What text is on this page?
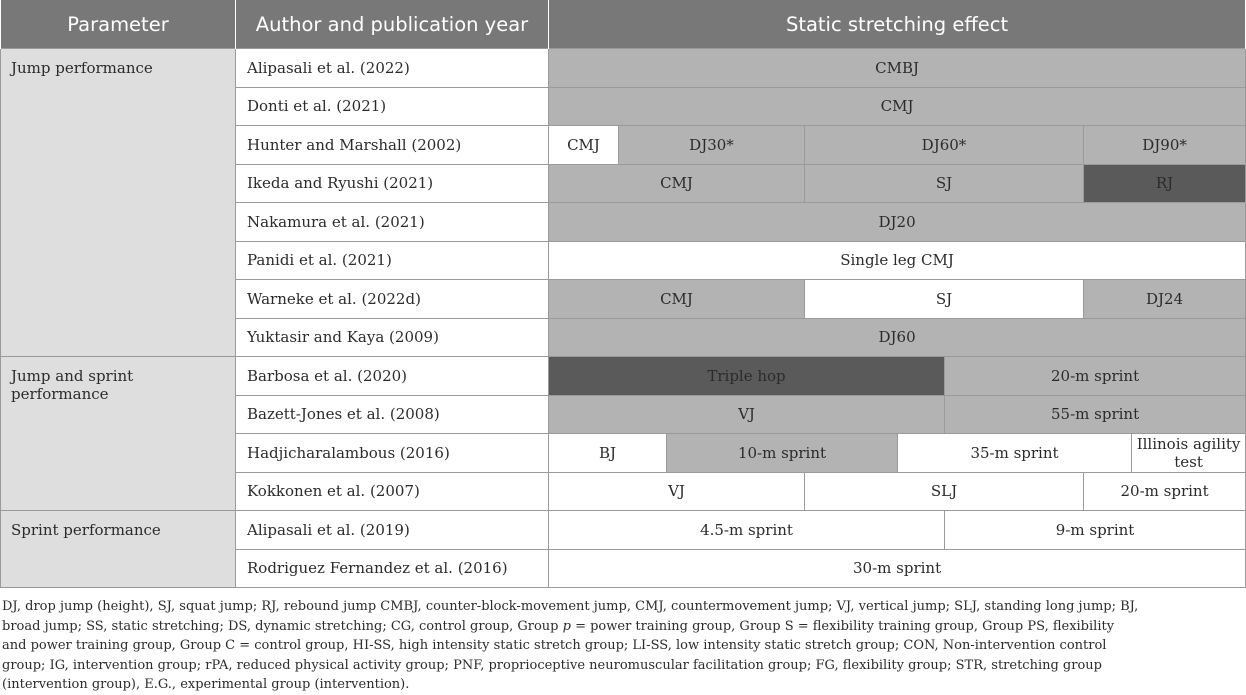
Parameter	Author and publication year	Static stretching effect							
Jump performance	Alipasali et al. (2022)	CMBJ							
	Donti et al. (2021)	CMJ							
	Hunter and Marshall (2002)	CMJ	DJ30*		DJ60*			DJ90*	
	Ikeda and Ryushi (2021)	CMJ			SJ			RJ	
	Nakamura et al. (2021)	DJ20							
	Panidi et al. (2021)	Single leg CMJ							
	Warneke et al. (2022d)	CMJ			SJ			DJ24	
	Yuktasir and Kaya (2009)	DJ60							
Jump and sprint performance	Barbosa et al. (2020)	Triple hop					20-m sprint		
	Bazett-Jones et al. (2008)	VJ					55-m sprint		
	Hadjicharalambous (2016)	BJ		10-m sprint		35-m sprint			Illinois agility test
	Kokkonen et al. (2007)	VJ			SLJ			20-m sprint	
Sprint performance	Alipasali et al. (2019)	4.5-m sprint					9-m sprint		
	Rodriguez Fernandez et al. (2016)	30-m sprint							

DJ, drop jump (height), SJ, squat jump; RJ, rebound jump CMBJ, counter-block-movement jump, CMJ, countermovement jump; VJ, vertical jump; SLJ, standing long jump; BJ, broad jump; SS, static stretching; DS, dynamic stretching; CG, control group, Group p = power training group, Group S = flexibility training group, Group PS, flexibility and power training group, Group C = control group, HI-SS, high intensity static stretch group; LI-SS, low intensity static stretch group; CON, Non-intervention control group; IG, intervention group; rPA, reduced physical activity group; PNF, proprioceptive neuromuscular facilitation group; FG, flexibility group; STR, stretching group (intervention group), E.G., experimental group (intervention).
